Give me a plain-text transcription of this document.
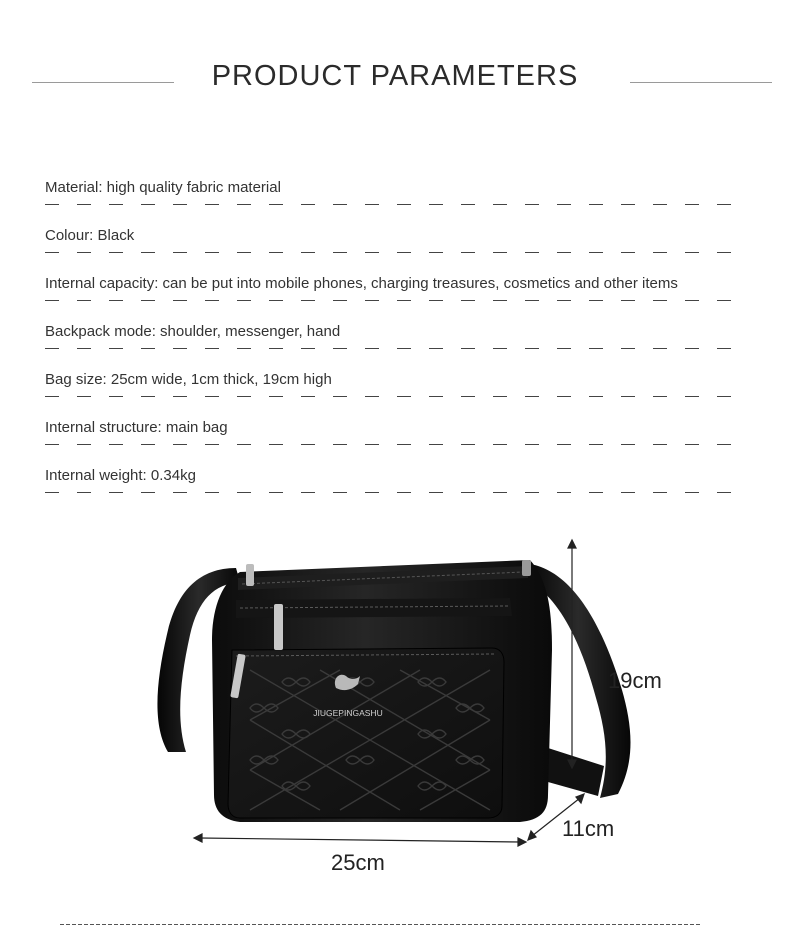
PRODUCT PARAMETERS
Material: high quality fabric material
Colour: Black
Internal capacity: can be put into mobile phones, charging treasures, cosmetics and other items
Backpack mode: shoulder, messenger, hand
Bag size: 25cm wide, 1cm thick, 19cm high
Internal structure: main bag
Internal weight: 0.34kg
JIUGEPINGASHU
19cm
11cm
25cm
